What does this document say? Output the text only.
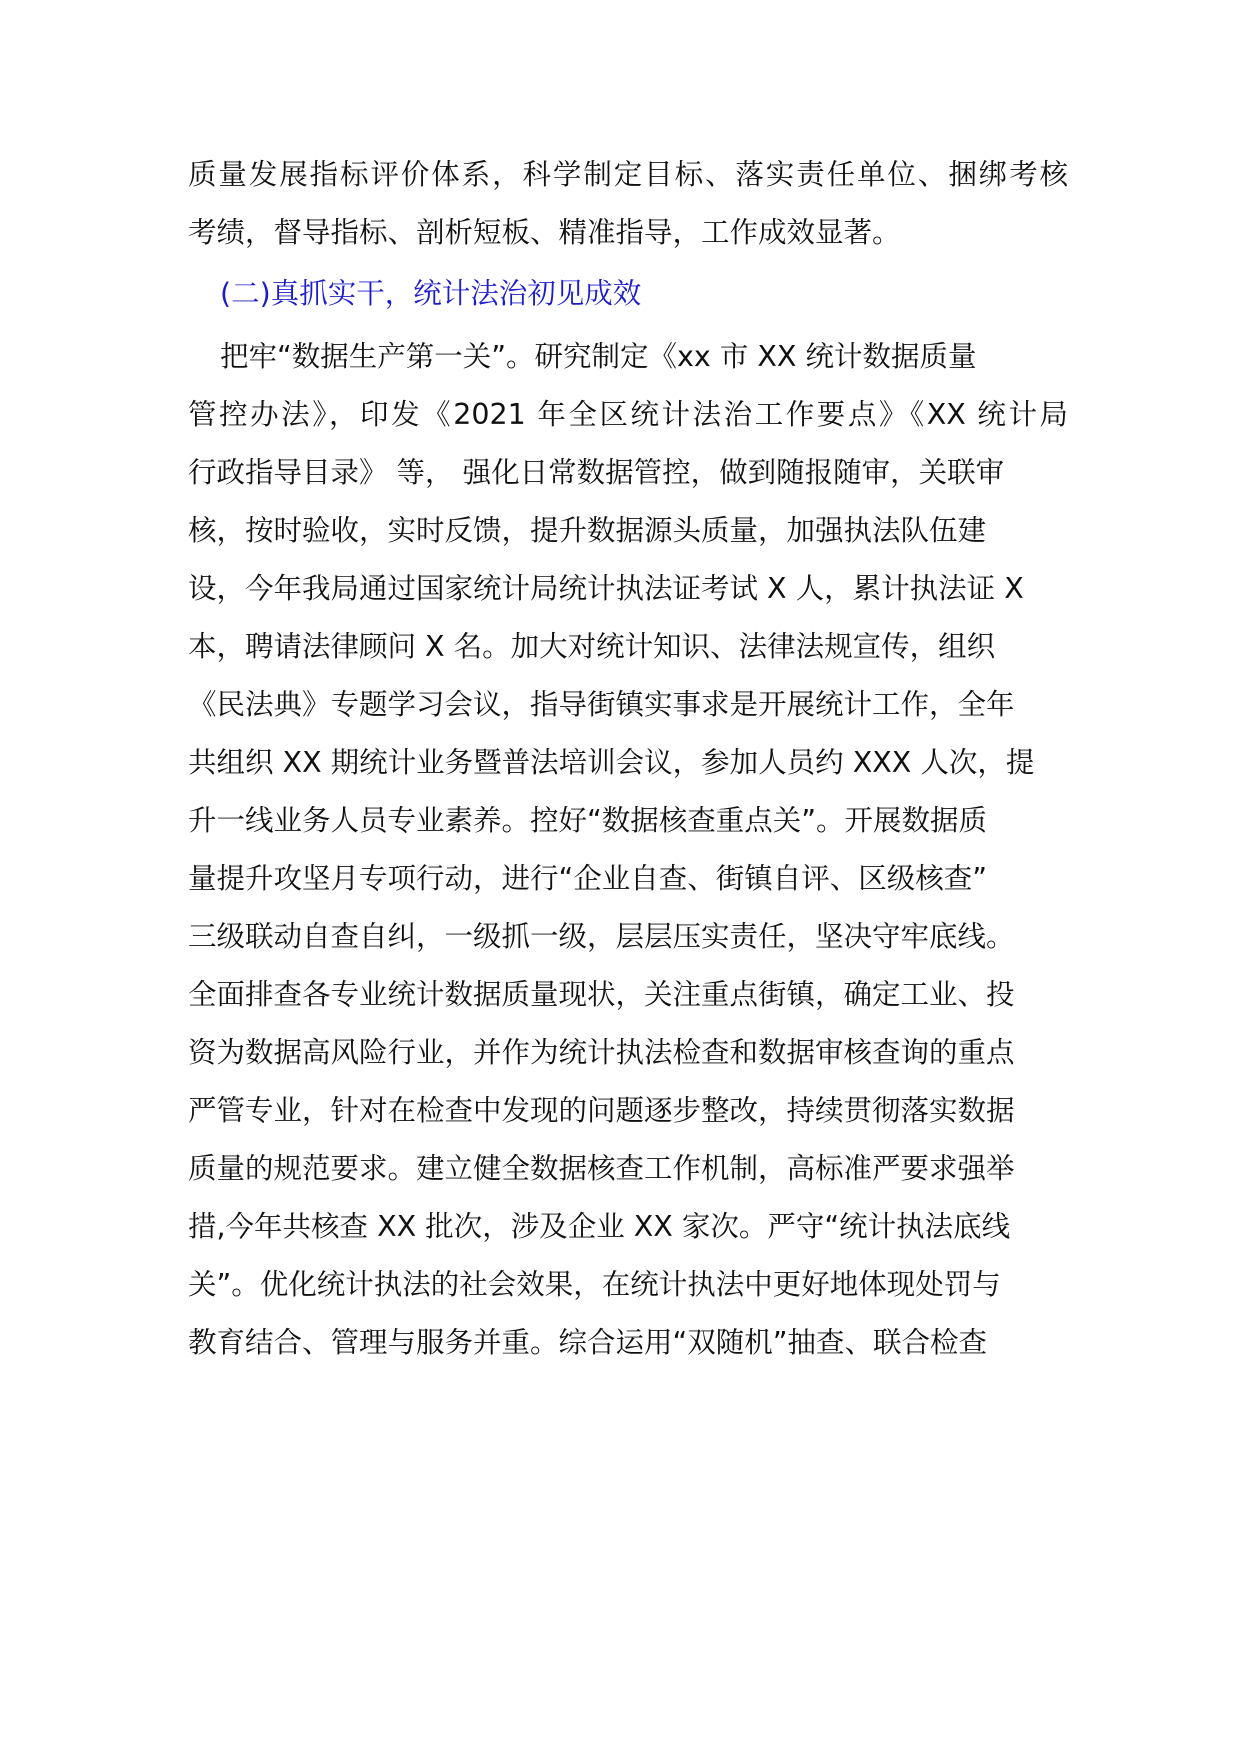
质量发展指标评价体系，科学制定目标、落实责任单位、捆绑考核
考绩，督导指标、剖析短板、精准指导，工作成效显著。
(二)真抓实干，统计法治初见成效
把牢“数据生产第一关”。研究制定《xx 市 XX 统计数据质量
管控办法》，印发《2021 年全区统计法治工作要点》《XX 统计局
行政指导目录》 等， 强化日常数据管控，做到随报随审，关联审
核，按时验收，实时反馈，提升数据源头质量，加强执法队伍建
设，今年我局通过国家统计局统计执法证考试 X 人，累计执法证 X
本，聘请法律顾问 X 名。加大对统计知识、法律法规宣传，组织
《民法典》专题学习会议，指导街镇实事求是开展统计工作，全年
共组织 XX 期统计业务暨普法培训会议，参加人员约 XXX 人次，提
升一线业务人员专业素养。控好“数据核查重点关”。开展数据质
量提升攻坚月专项行动，进行“企业自查、街镇自评、区级核查”
三级联动自查自纠，一级抓一级，层层压实责任，坚决守牢底线。
全面排查各专业统计数据质量现状，关注重点街镇，确定工业、投
资为数据高风险行业，并作为统计执法检查和数据审核查询的重点
严管专业，针对在检查中发现的问题逐步整改，持续贯彻落实数据
质量的规范要求。建立健全数据核查工作机制，高标准严要求强举
措,今年共核查 XX 批次，涉及企业 XX 家次。严守“统计执法底线
关”。优化统计执法的社会效果，在统计执法中更好地体现处罚与
教育结合、管理与服务并重。综合运用“双随机”抽查、联合检查
